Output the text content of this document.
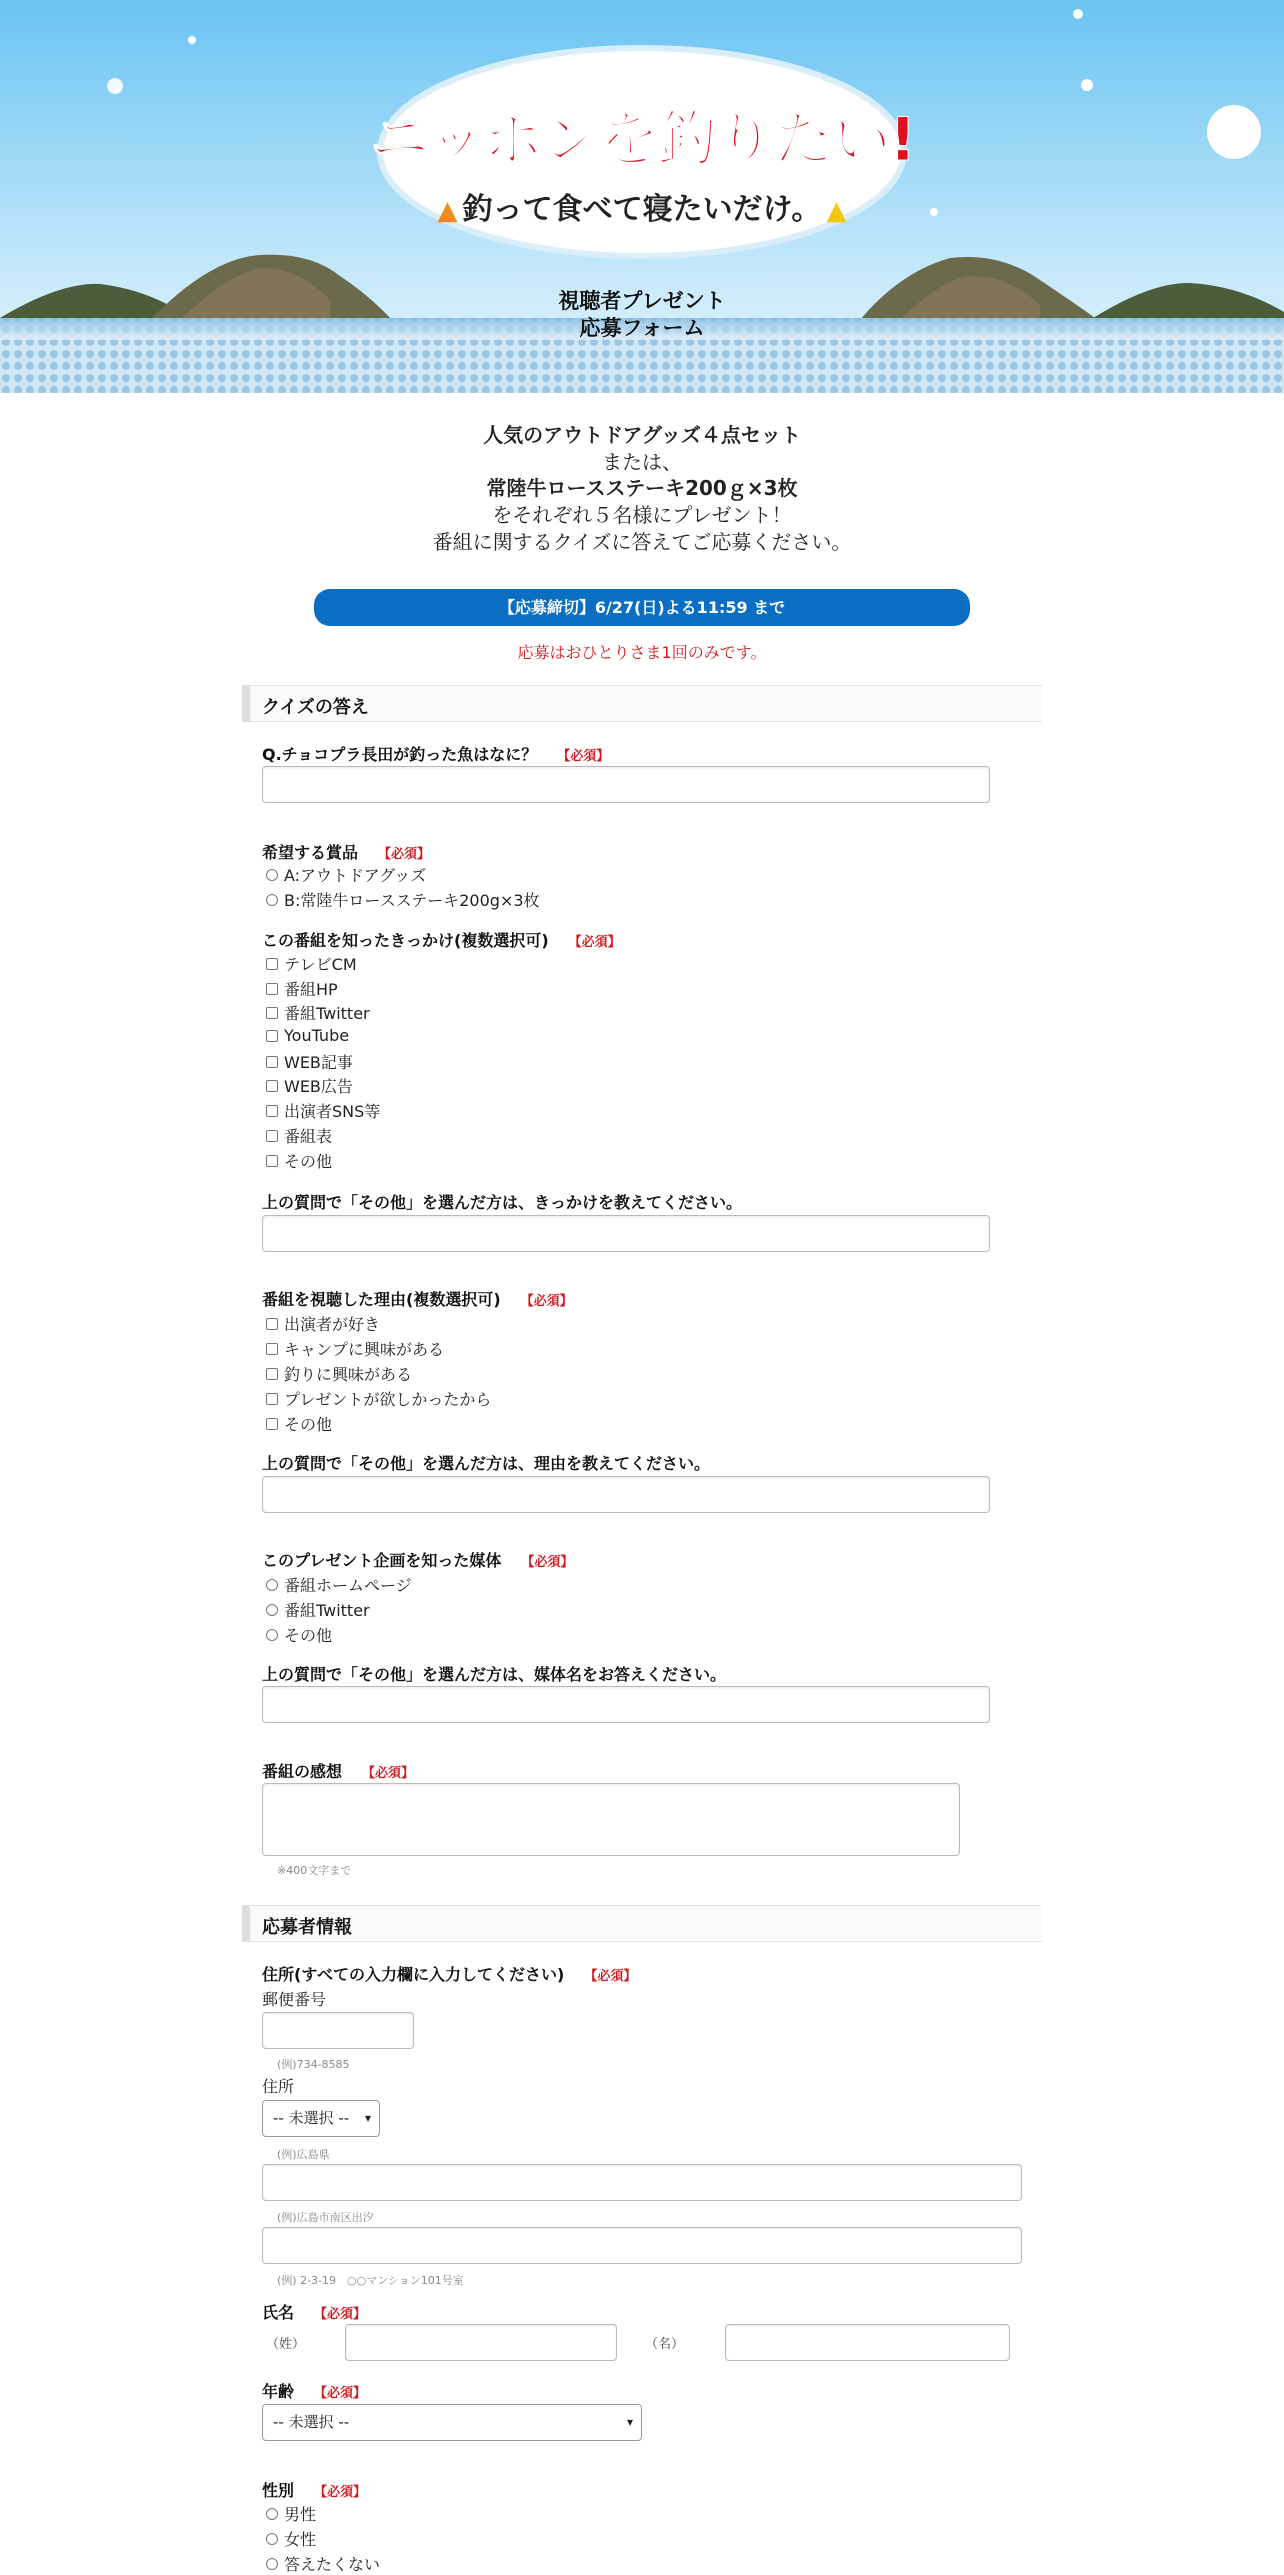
ニッポンを釣りたい!
▲ 釣って食べて寝たいだけ。 ▲
視聴者プレゼント
応募フォーム
人気のアウトドアグッズ４点セット
または、
常陸牛ロースステーキ200ｇ×3枚
をそれぞれ５名様にプレゼント！
番組に関するクイズに答えてご応募ください。
【応募締切】6/27(日)よる11:59 まで
応募はおひとりさま1回のみです。
クイズの答え
Q.チョコプラ長田が釣った魚はなに？ 【必須】
希望する賞品 【必須】
A:アウトドアグッズ
B:常陸牛ロースステーキ200g×3枚
この番組を知ったきっかけ(複数選択可) 【必須】
テレビCM
番組HP
番組Twitter
YouTube
WEB記事
WEB広告
出演者SNS等
番組表
その他
上の質問で「その他」を選んだ方は、きっかけを教えてください。
番組を視聴した理由(複数選択可) 【必須】
出演者が好き
キャンプに興味がある
釣りに興味がある
プレゼントが欲しかったから
その他
上の質問で「その他」を選んだ方は、理由を教えてください。
このプレゼント企画を知った媒体 【必須】
番組ホームページ
番組Twitter
その他
上の質問で「その他」を選んだ方は、媒体名をお答えください。
番組の感想 【必須】
※400文字まで
応募者情報
住所(すべての入力欄に入力してください) 【必須】
郵便番号
(例)734-8585
住所
-- 未選択 -- ▾
(例)広島県
(例)広島市南区出汐
(例) 2-3-19　○○マンション101号室
氏名 【必須】
（姓）	（名）
年齢 【必須】
-- 未選択 --	▾
性別 【必須】
男性
女性
答えたくない
